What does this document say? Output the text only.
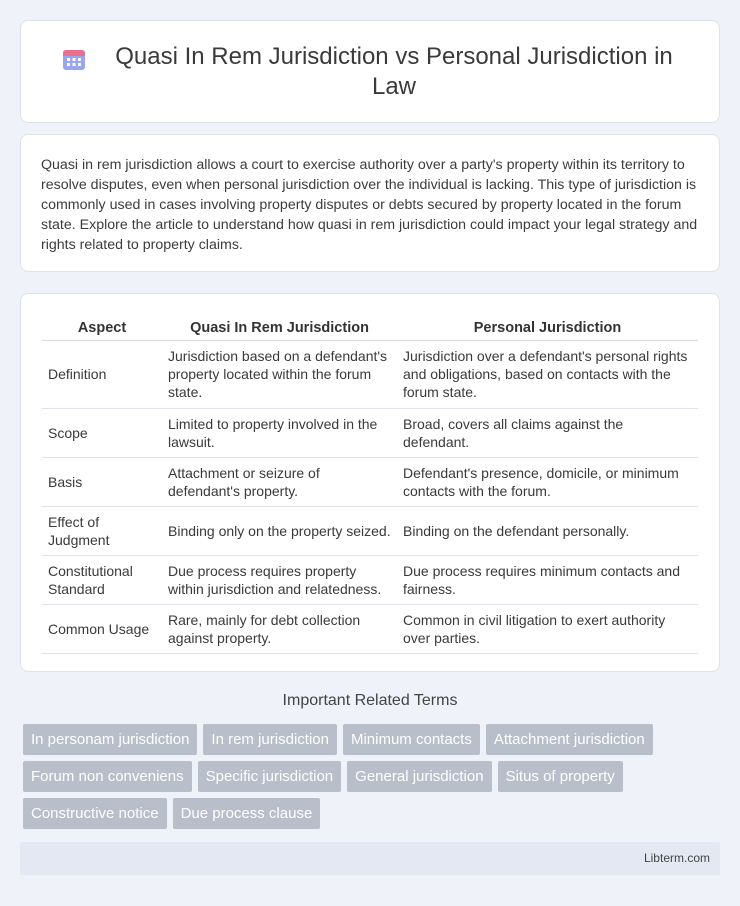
Quasi In Rem Jurisdiction vs Personal Jurisdiction in Law

Quasi in rem jurisdiction allows a court to exercise authority over a party's property within its territory to resolve disputes, even when personal jurisdiction over the individual is lacking. This type of jurisdiction is commonly used in cases involving property disputes or debts secured by property located in the forum state. Explore the article to understand how quasi in rem jurisdiction could impact your legal strategy and rights related to property claims.

Aspect	Quasi In Rem Jurisdiction	Personal Jurisdiction
Definition	Jurisdiction based on a defendant's property located within the forum state.	Jurisdiction over a defendant's personal rights and obligations, based on contacts with the forum state.
Scope	Limited to property involved in the lawsuit.	Broad, covers all claims against the defendant.
Basis	Attachment or seizure of defendant's property.	Defendant's presence, domicile, or minimum contacts with the forum.
Effect of Judgment	Binding only on the property seized.	Binding on the defendant personally.
Constitutional Standard	Due process requires property within jurisdiction and relatedness.	Due process requires minimum contacts and fairness.
Common Usage	Rare, mainly for debt collection against property.	Common in civil litigation to exert authority over parties.
Important Related Terms
In personam jurisdiction	In rem jurisdiction	Minimum contacts	Attachment jurisdiction
Forum non conveniens	Specific jurisdiction	General jurisdiction	Situs of property
Constructive notice	Due process clause
Libterm.com
